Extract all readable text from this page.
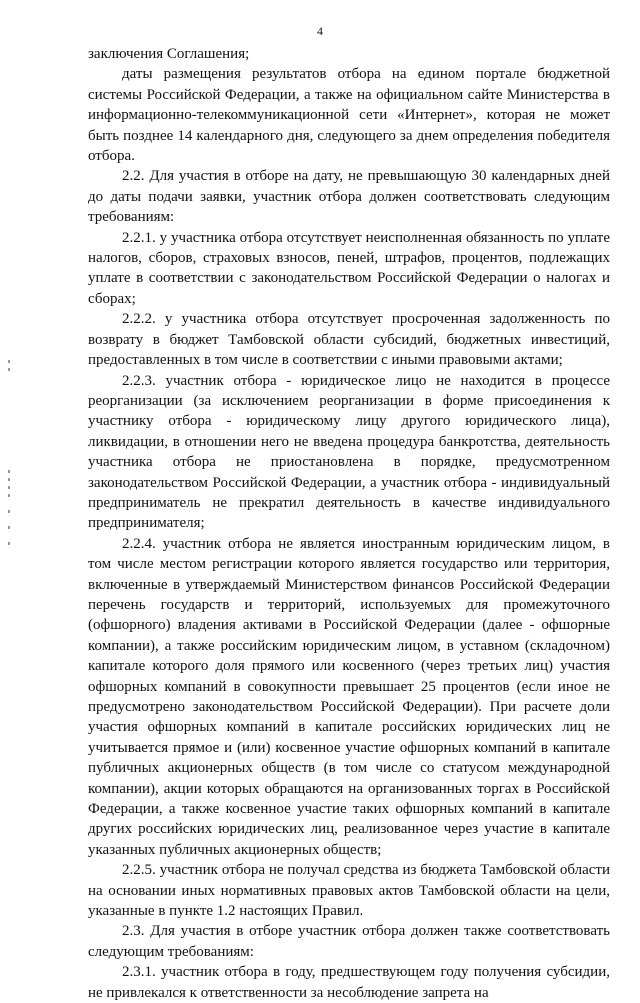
4

заключения Соглашения;

даты размещения результатов отбора на едином портале бюджетной системы Российской Федерации, а также на официальном сайте Министерства в информационно-телекоммуникационной сети «Интернет», которая не может быть позднее 14 календарного дня, следующего за днем определения победителя отбора.

2.2. Для участия в отборе на дату, не превышающую 30 календарных дней до даты подачи заявки, участник отбора должен соответствовать следующим требованиям:

2.2.1. у участника отбора отсутствует неисполненная обязанность по уплате налогов, сборов, страховых взносов, пеней, штрафов, процентов, подлежащих уплате в соответствии с законодательством Российской Федерации о налогах и сборах;

2.2.2. у участника отбора отсутствует просроченная задолженность по возврату в бюджет Тамбовской области субсидий, бюджетных инвестиций, предоставленных в том числе в соответствии с иными правовыми актами;

2.2.3. участник отбора - юридическое лицо не находится в процессе реорганизации (за исключением реорганизации в форме присоединения к участнику отбора - юридическому лицу другого юридического лица), ликвидации, в отношении него не введена процедура банкротства, деятельность участника отбора не приостановлена в порядке, предусмотренном законодательством Российской Федерации, а участник отбора - индивидуальный предприниматель не прекратил деятельность в качестве индивидуального предпринимателя;

2.2.4. участник отбора не является иностранным юридическим лицом, в том числе местом регистрации которого является государство или территория, включенные в утверждаемый Министерством финансов Российской Федерации перечень государств и территорий, используемых для промежуточного (офшорного) владения активами в Российской Федерации (далее - офшорные компании), а также российским юридическим лицом, в уставном (складочном) капитале которого доля прямого или косвенного (через третьих лиц) участия офшорных компаний в совокупности превышает 25 процентов (если иное не предусмотрено законодательством Российской Федерации). При расчете доли участия офшорных компаний в капитале российских юридических лиц не учитывается прямое и (или) косвенное участие офшорных компаний в капитале публичных акционерных обществ (в том числе со статусом международной компании), акции которых обращаются на организованных торгах в Российской Федерации, а также косвенное участие таких офшорных компаний в капитале других российских юридических лиц, реализованное через участие в капитале указанных публичных акционерных обществ;

2.2.5. участник отбора не получал средства из бюджета Тамбовской области на основании иных нормативных правовых актов Тамбовской области на цели, указанные в пункте 1.2 настоящих Правил.

2.3. Для участия в отборе участник отбора должен также соответствовать следующим требованиям:

2.3.1. участник отбора в году, предшествующем году получения субсидии, не привлекался к ответственности за несоблюдение запрета на
